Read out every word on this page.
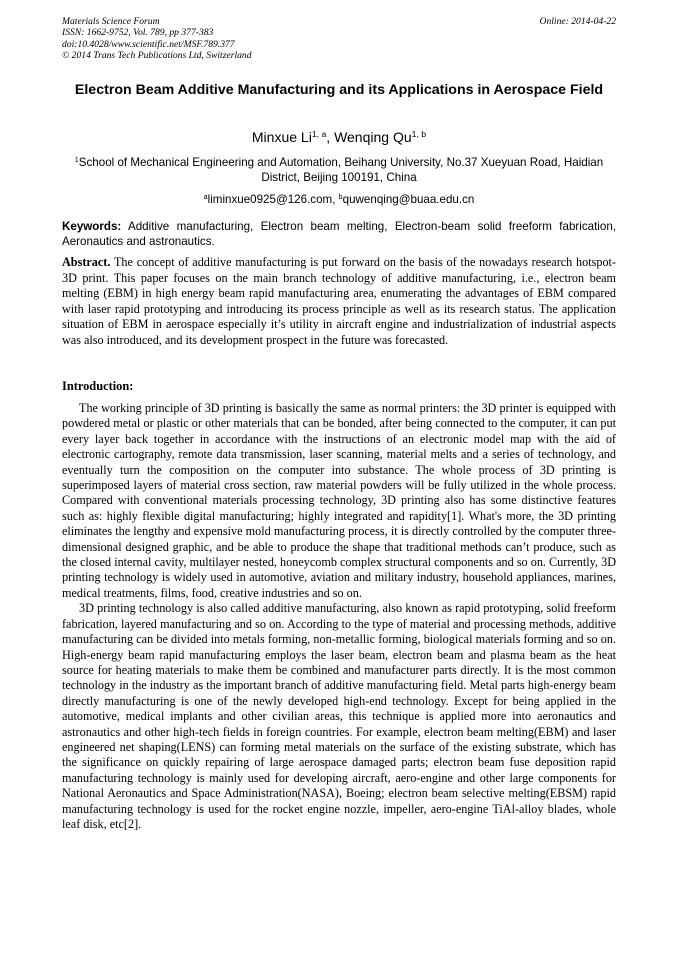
Materials Science Forum
ISSN: 1662-9752, Vol. 789, pp 377-383
doi:10.4028/www.scientific.net/MSF.789.377
© 2014 Trans Tech Publications Ltd, Switzerland
Online: 2014-04-22
Electron Beam Additive Manufacturing and its Applications in Aerospace Field
Minxue Li$^{1, a}$, Wenqing Qu$^{1, b}$
$^1$School of Mechanical Engineering and Automation, Beihang University, No.37 Xueyuan Road, Haidian District, Beijing 100191, China
$^a$liminxue0925@126.com, $^b$quwenqing@buaa.edu.cn
Keywords: Additive manufacturing, Electron beam melting, Electron-beam solid freeform fabrication, Aeronautics and astronautics.
Abstract. The concept of additive manufacturing is put forward on the basis of the nowadays research hotspot-3D print. This paper focuses on the main branch technology of additive manufacturing, i.e., electron beam melting (EBM) in high energy beam rapid manufacturing area, enumerating the advantages of EBM compared with laser rapid prototyping and introducing its process principle as well as its research status. The application situation of EBM in aerospace especially it’s utility in aircraft engine and industrialization of industrial aspects was also introduced, and its development prospect in the future was forecasted.
Introduction:

The working principle of 3D printing is basically the same as normal printers: the 3D printer is equipped with powdered metal or plastic or other materials that can be bonded, after being connected to the computer, it can put every layer back together in accordance with the instructions of an electronic model map with the aid of electronic cartography, remote data transmission, laser scanning, material melts and a series of technology, and eventually turn the composition on the computer into substance. The whole process of 3D printing is superimposed layers of material cross section, raw material powders will be fully utilized in the whole process. Compared with conventional materials processing technology, 3D printing also has some distinctive features such as: highly flexible digital manufacturing; highly integrated and rapidity[1]. What's more, the 3D printing eliminates the lengthy and expensive mold manufacturing process, it is directly controlled by the computer three-dimensional designed graphic, and be able to produce the shape that traditional methods can’t produce, such as the closed internal cavity, multilayer nested, honeycomb complex structural components and so on. Currently, 3D printing technology is widely used in automotive, aviation and military industry, household appliances, marines, medical treatments, films, food, creative industries and so on.

3D printing technology is also called additive manufacturing, also known as rapid prototyping, solid freeform fabrication, layered manufacturing and so on. According to the type of material and processing methods, additive manufacturing can be divided into metals forming, non-metallic forming, biological materials forming and so on. High-energy beam rapid manufacturing employs the laser beam, electron beam and plasma beam as the heat source for heating materials to make them be combined and manufacturer parts directly. It is the most common technology in the industry as the important branch of additive manufacturing field. Metal parts high-energy beam directly manufacturing is one of the newly developed high-end technology. Except for being applied in the automotive, medical implants and other civilian areas, this technique is applied more into aeronautics and astronautics and other high-tech fields in foreign countries. For example, electron beam melting(EBM) and laser engineered net shaping(LENS) can forming metal materials on the surface of the existing substrate, which has the significance on quickly repairing of large aerospace damaged parts; electron beam fuse deposition rapid manufacturing technology is mainly used for developing aircraft, aero-engine and other large components for National Aeronautics and Space Administration(NASA), Boeing; electron beam selective melting(EBSM) rapid manufacturing technology is used for the rocket engine nozzle, impeller, aero-engine TiAl-alloy blades, whole leaf disk, etc[2].
